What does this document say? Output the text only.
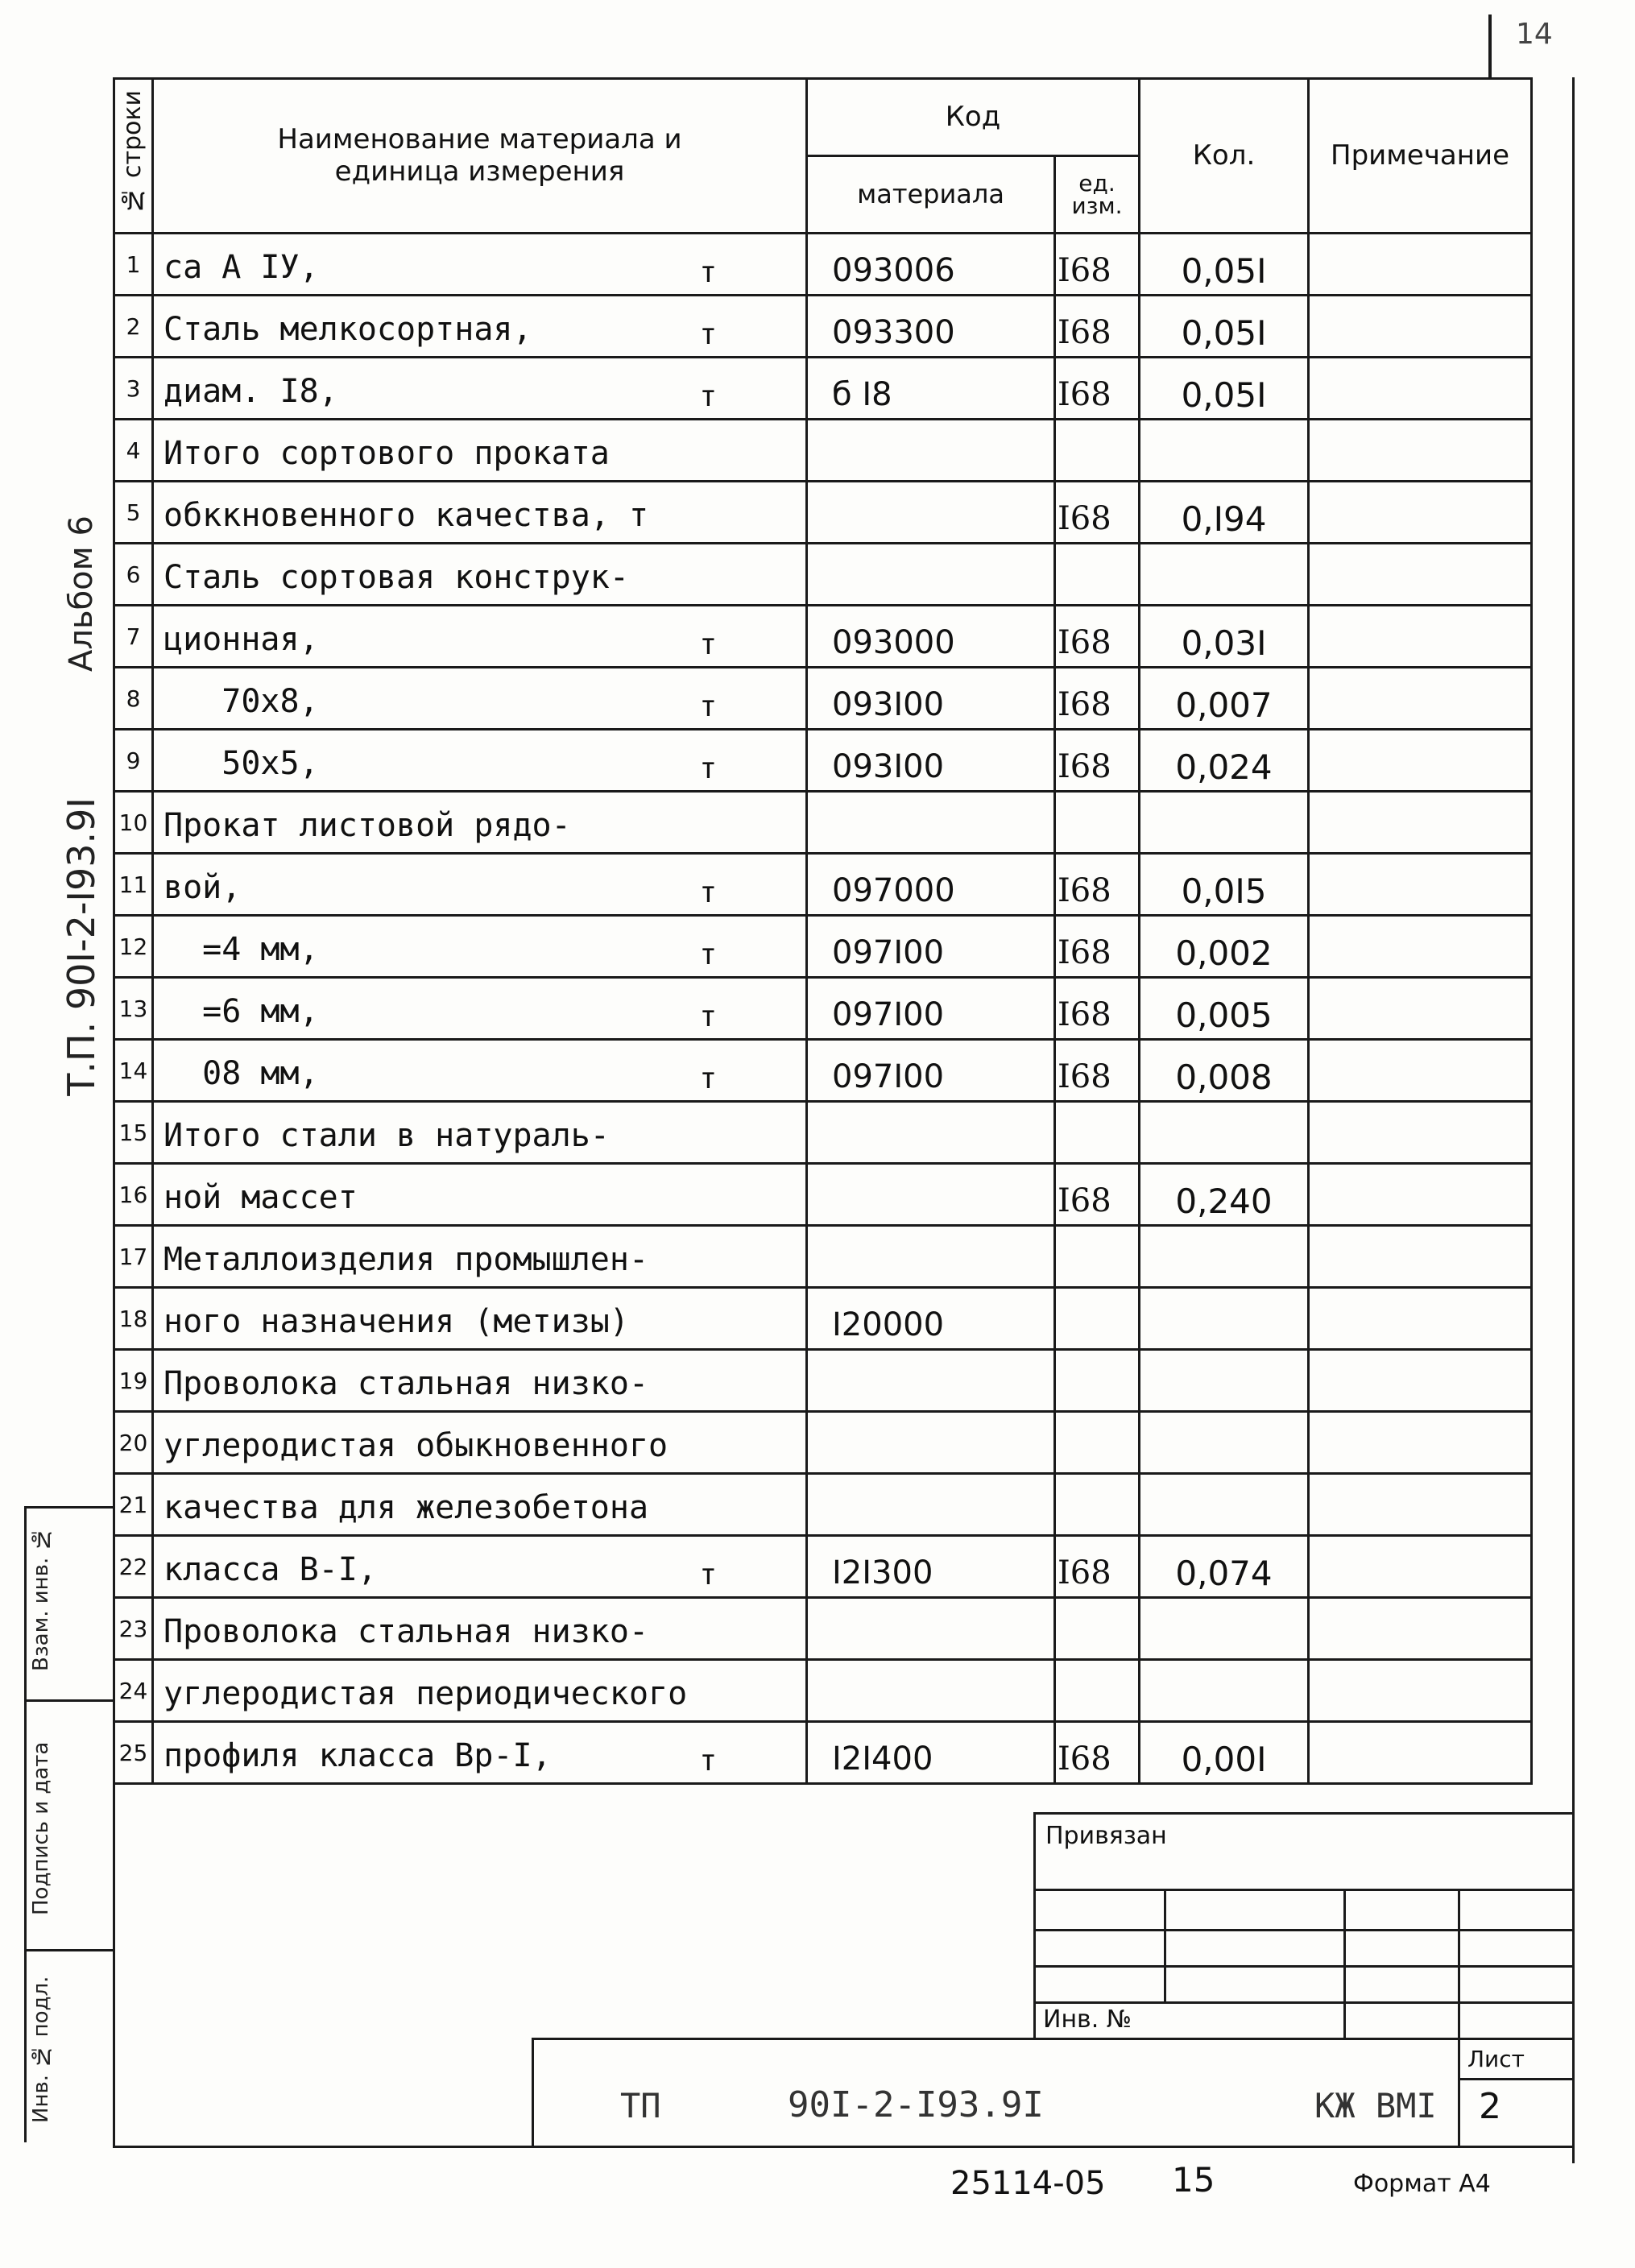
14
Альбом 6
Т.П. 90I-2-I93.9I
Взам. инв. №
Подпись и дата
Инв. № подл.
№ строки	Наименование материала и единица измерения	Код		Кол.	Примечание
		материала	ед. изм.		
1	са А IУ, т	093006	I68	0,05I	
2	Сталь мелкосортная, т	093300	I68	0,05I	
3	диам. I8, т	б I8	I68	0,05I	
4	Итого сортового проката				

5	обккновенного качества, т		I68	0,I94	
6	Сталь сортовая конструк-				

7	ционная, т	093000	I68	0,03I	
8	70х8, т	093I00	I68	0,007	
9	50х5, т	093I00	I68	0,024	
10	Прокат листовой рядо-				

11	вой, т	097000	I68	0,0I5	
12	=4 мм, т	097I00	I68	0,002	
13	=6 мм, т	097I00	I68	0,005	
14	08 мм, т	097I00	I68	0,008	
15	Итого стали в натураль-				

16	ной массет		I68	0,240	
17	Металлоизделия промышлен-				

18	ного назначения (метизы)	I20000			
19	Проволока стальная низко-				

20	углеродистая обыкновенного				

21	качества для железобетона				

22	класса В-I, т	I2I300	I68	0,074	
23	Проволока стальная низко-				

24	углеродистая периодического				

25	профиля класса Вр-I, т	I2I400	I68	0,00I	
Привязан
Инв. №
Лист
2
ТП	90I-2-I93.9I	КЖ ВМI
25114-05 15	Формат А4
